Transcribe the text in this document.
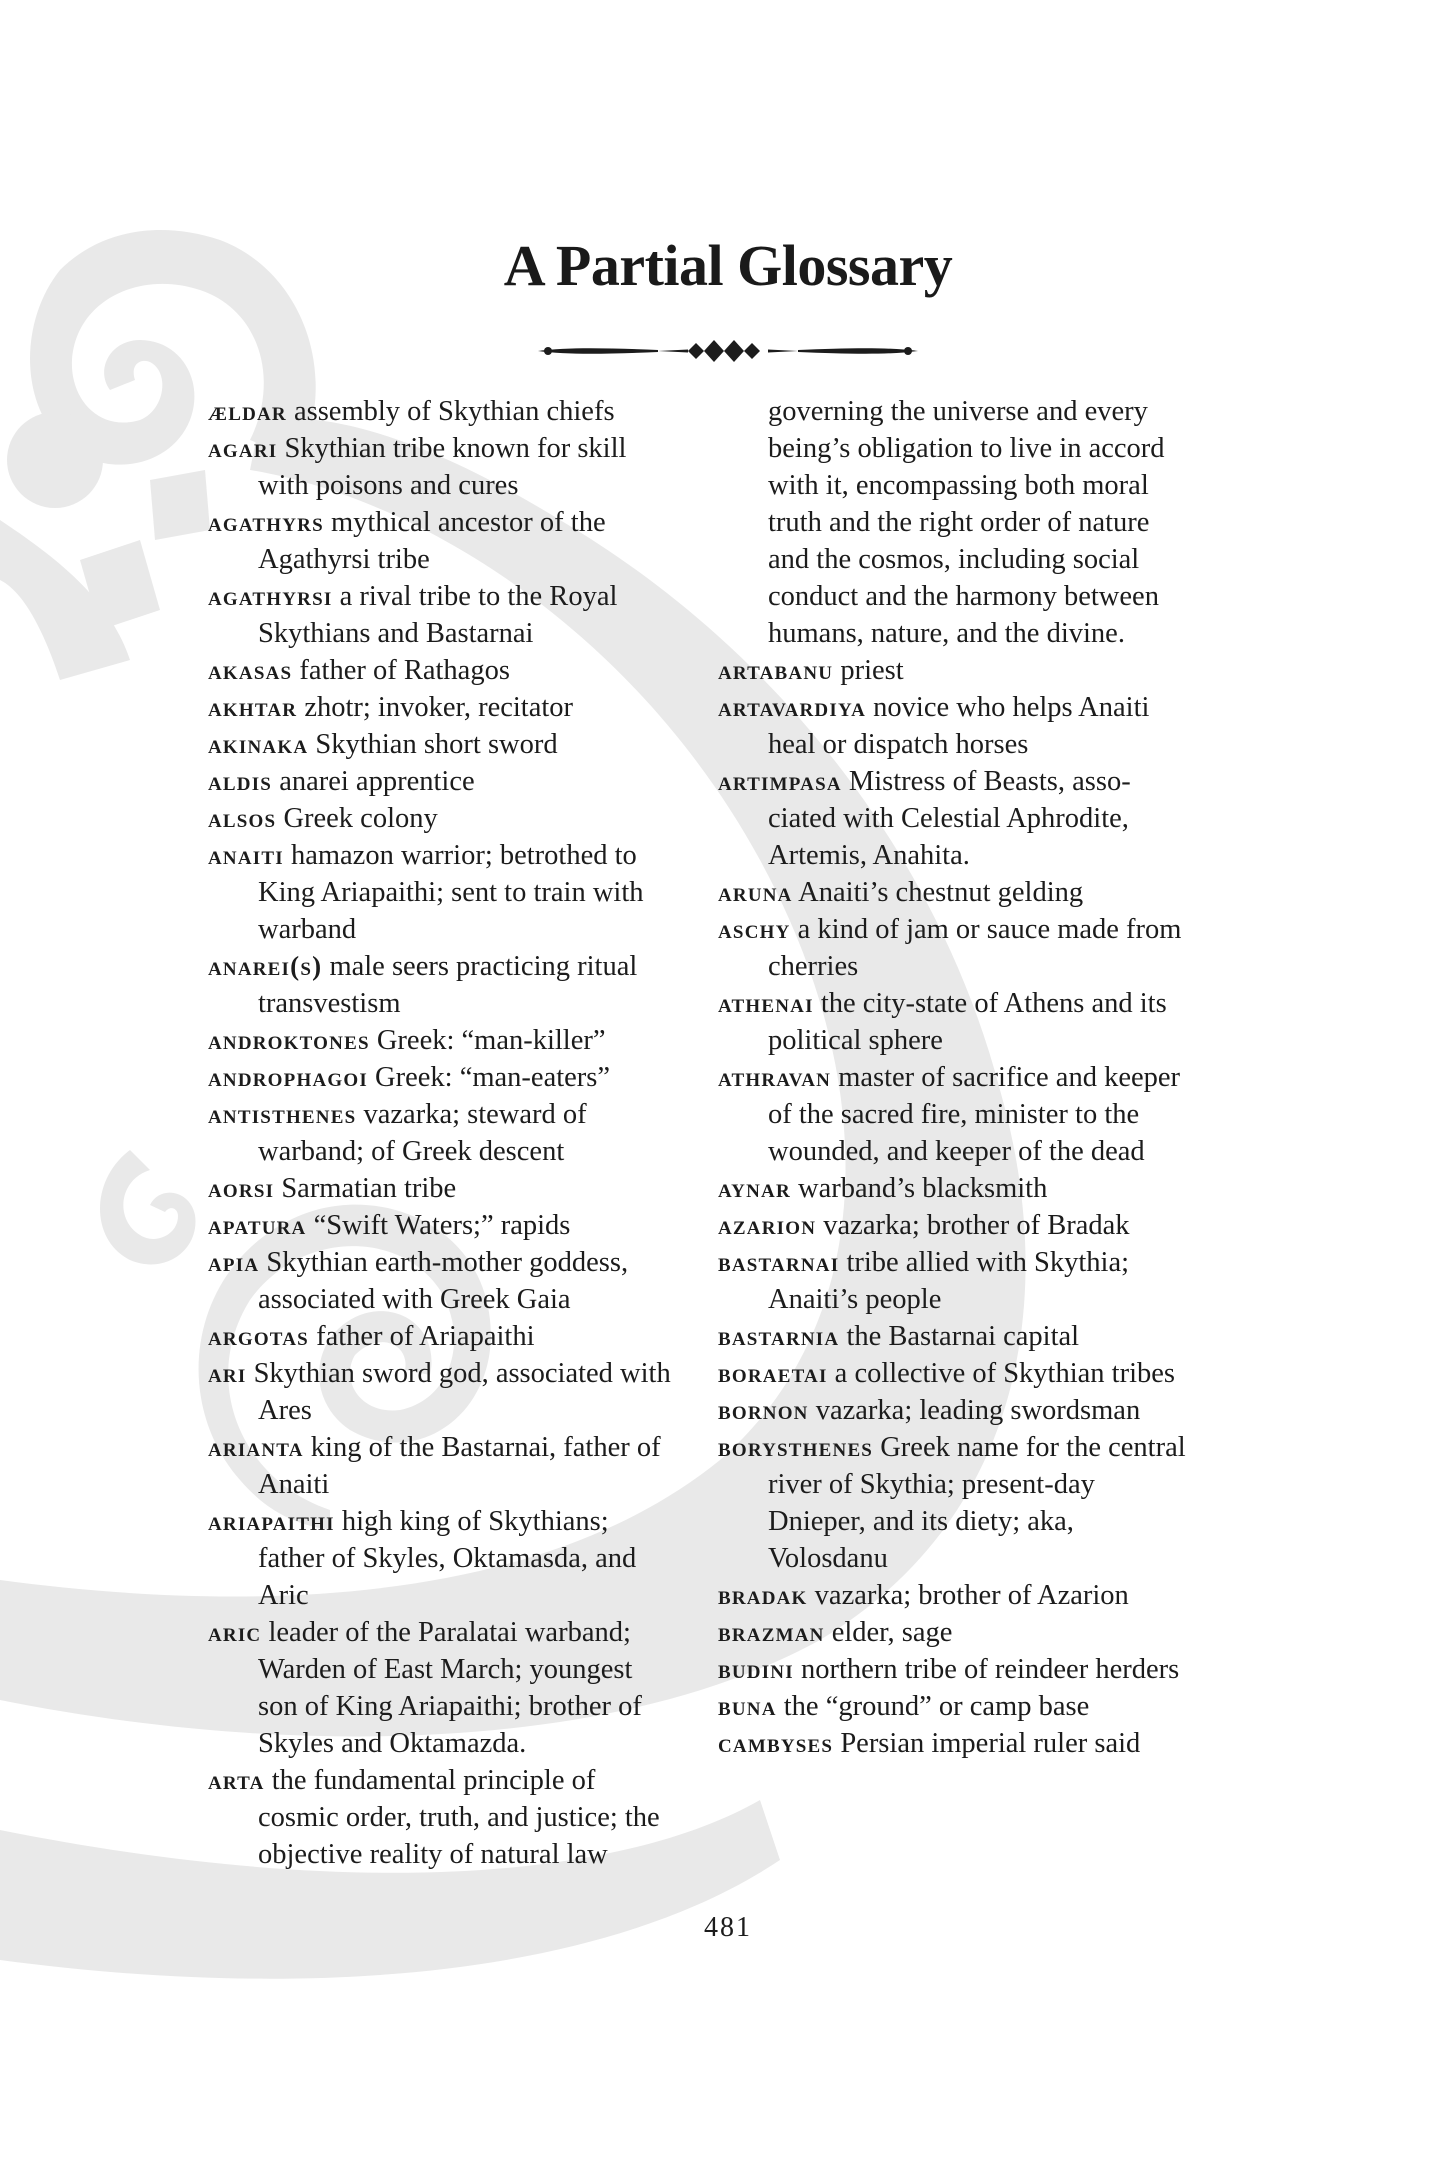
A Partial Glossary

ældar assembly of Skythian chiefs

agari Skythian tribe known for skill with poisons and cures

agathyrs mythical ancestor of the Agathyrsi tribe

agathyrsi a rival tribe to the Royal Skythians and Bastarnai

akasas father of Rathagos

akhtar zhotr; invoker, recitator

akinaka Skythian short sword

aldis anarei apprentice

alsos Greek colony

anaiti hamazon warrior; betrothed to King Ariapaithi; sent to train with warband

anarei(s) male seers practicing ritual transvestism

androktones Greek: “man-killer”

androphagoi Greek: “man-eaters”

antisthenes vazarka; steward of warband; of Greek descent

aorsi Sarmatian tribe

apatura “Swift Waters;” rapids

apia Skythian earth-mother goddess, associated with Greek Gaia

argotas father of Ariapaithi

ari Skythian sword god, associated with Ares

arianta king of the Bastarnai, father of Anaiti

ariapaithi high king of Skythians; father of Skyles, Oktamasda, and Aric

aric leader of the Paralatai warband; Warden of East March; youngest son of King Ariapaithi; brother of Skyles and Oktamazda.

arta the fundamental principle of cosmic order, truth, and justice; the objective reality of natural law

governing the universe and every being’s obligation to live in accord with it, encompassing both moral truth and the right order of nature and the cosmos, including social conduct and the harmony between humans, nature, and the divine.

artabanu priest

artavardiya novice who helps Anaiti heal or dispatch horses

artimpasa Mistress of Beasts, associated with Celestial Aphrodite, Artemis, Anahita.

aruna Anaiti’s chestnut gelding

aschy a kind of jam or sauce made from cherries

athenai the city-state of Athens and its political sphere

athravan master of sacrifice and keeper of the sacred fire, minister to the wounded, and keeper of the dead

aynar warband’s blacksmith

azarion vazarka; brother of Bradak

bastarnai tribe allied with Skythia; Anaiti’s people

bastarnia the Bastarnai capital

boraetai a collective of Skythian tribes

bornon vazarka; leading swordsman

borysthenes Greek name for the central river of Skythia; present-day Dnieper, and its diety; aka, Volosdanu

bradak vazarka; brother of Azarion

brazman elder, sage

budini northern tribe of reindeer herders

buna the “ground” or camp base

cambyses Persian imperial ruler said

481
